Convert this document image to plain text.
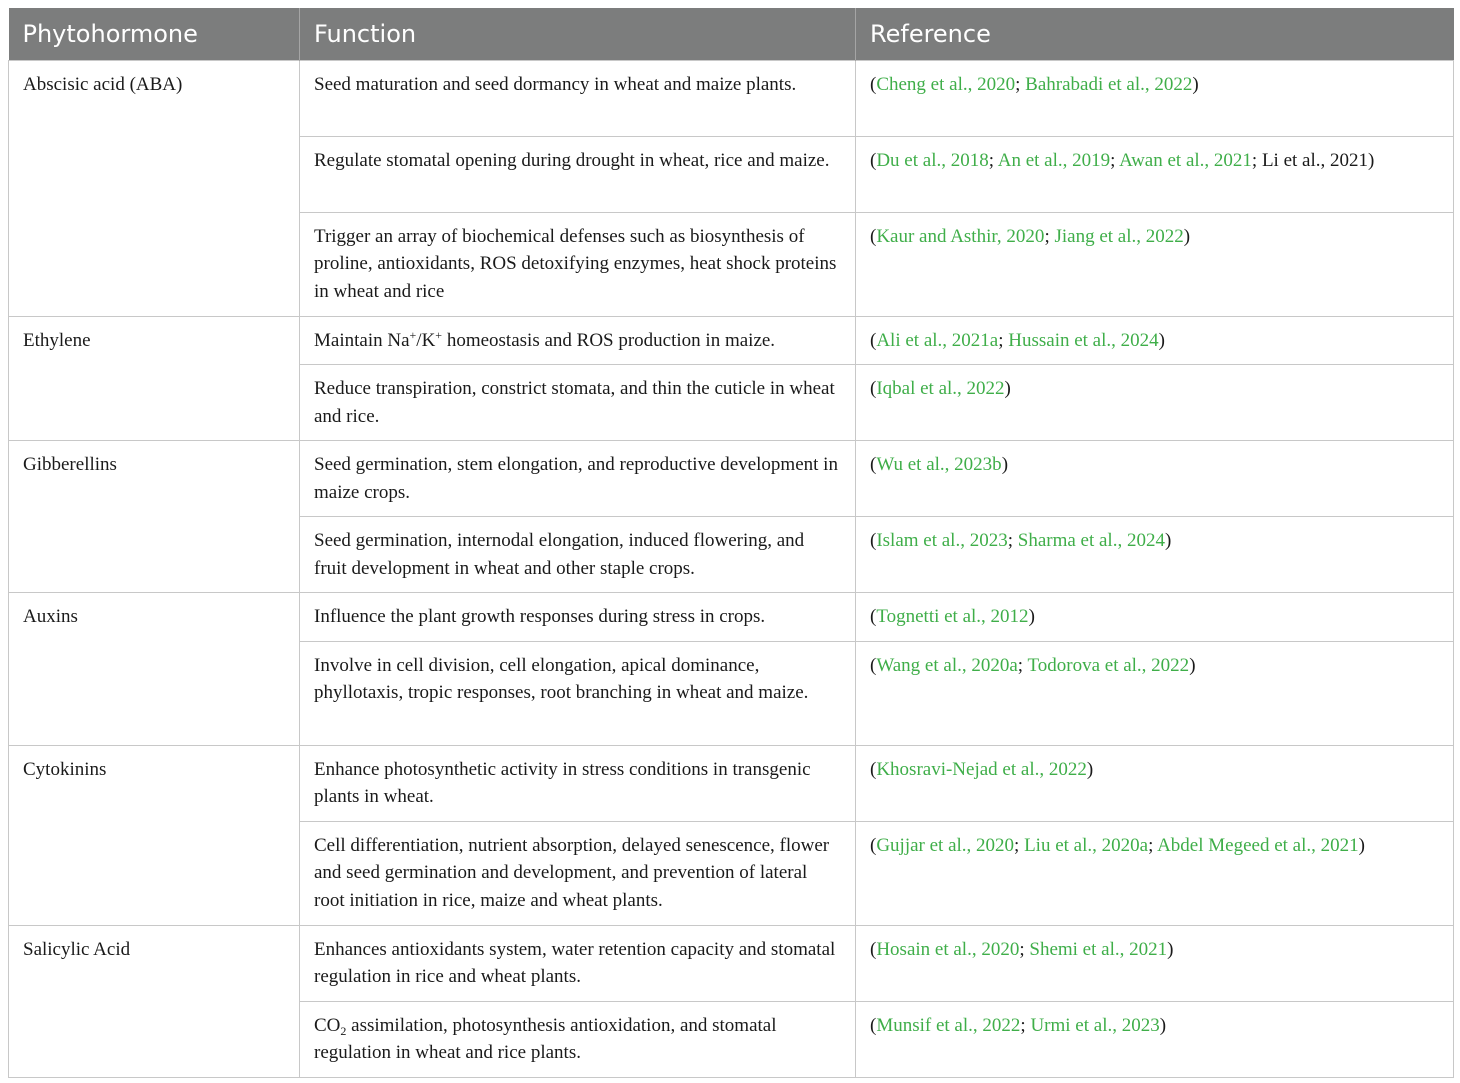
Phytohormone	Function	Reference
Abscisic acid (ABA)	Seed maturation and seed dormancy in wheat and maize plants.	(Cheng et al., 2020; Bahrabadi et al., 2022)

	Regulate stomatal opening during drought in wheat, rice and maize.	(Du et al., 2018; An et al., 2019; Awan et al., 2021; Li et al., 2021)

	Trigger an array of biochemical defenses such as biosynthesis of proline, antioxidants, ROS detoxifying enzymes, heat shock proteins in wheat and rice	(Kaur and Asthir, 2020; Jiang et al., 2022)
Ethylene	Maintain Na+/K+ homeostasis and ROS production in maize.	(Ali et al., 2021a; Hussain et al., 2024)

	Reduce transpiration, constrict stomata, and thin the cuticle in wheat and rice.	(Iqbal et al., 2022)
Gibberellins	Seed germination, stem elongation, and reproductive development in maize crops.	(Wu et al., 2023b)

	Seed germination, internodal elongation, induced flowering, and fruit development in wheat and other staple crops.	(Islam et al., 2023; Sharma et al., 2024)
Auxins	Influence the plant growth responses during stress in crops.	(Tognetti et al., 2012)

	Involve in cell division, cell elongation, apical dominance, phyllotaxis, tropic responses, root branching in wheat and maize.	(Wang et al., 2020a; Todorova et al., 2022)
Cytokinins	Enhance photosynthetic activity in stress conditions in transgenic plants in wheat.	(Khosravi-Nejad et al., 2022)

	Cell differentiation, nutrient absorption, delayed senescence, flower and seed germination and development, and prevention of lateral root initiation in rice, maize and wheat plants.	(Gujjar et al., 2020; Liu et al., 2020a; Abdel Megeed et al., 2021)
Salicylic Acid	Enhances antioxidants system, water retention capacity and stomatal regulation in rice and wheat plants.	(Hosain et al., 2020; Shemi et al., 2021)

	$CO_2$ assimilation, photosynthesis antioxidation, and stomatal regulation in wheat and rice plants.	(Munsif et al., 2022; Urmi et al., 2023)
